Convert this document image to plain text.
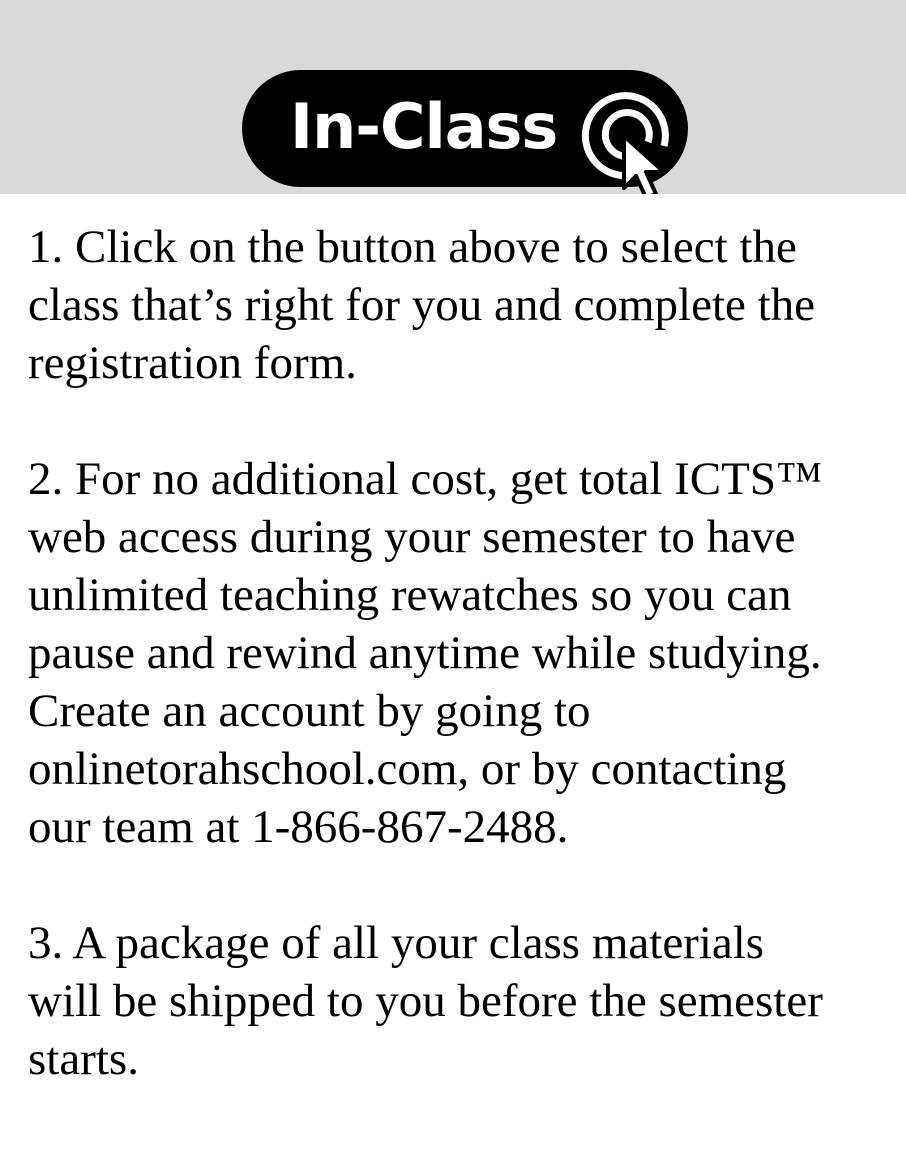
In-Class

1. Click on the button above to select the
class that’s right for you and complete the
registration form.

2. For no additional cost, get total ICTS™
web access during your semester to have
unlimited teaching rewatches so you can
pause and rewind anytime while studying.
Create an account by going to
onlinetorahschool.com, or by contacting
our team at 1-866-867-2488.

3. A package of all your class materials
will be shipped to you before the semester
starts.
